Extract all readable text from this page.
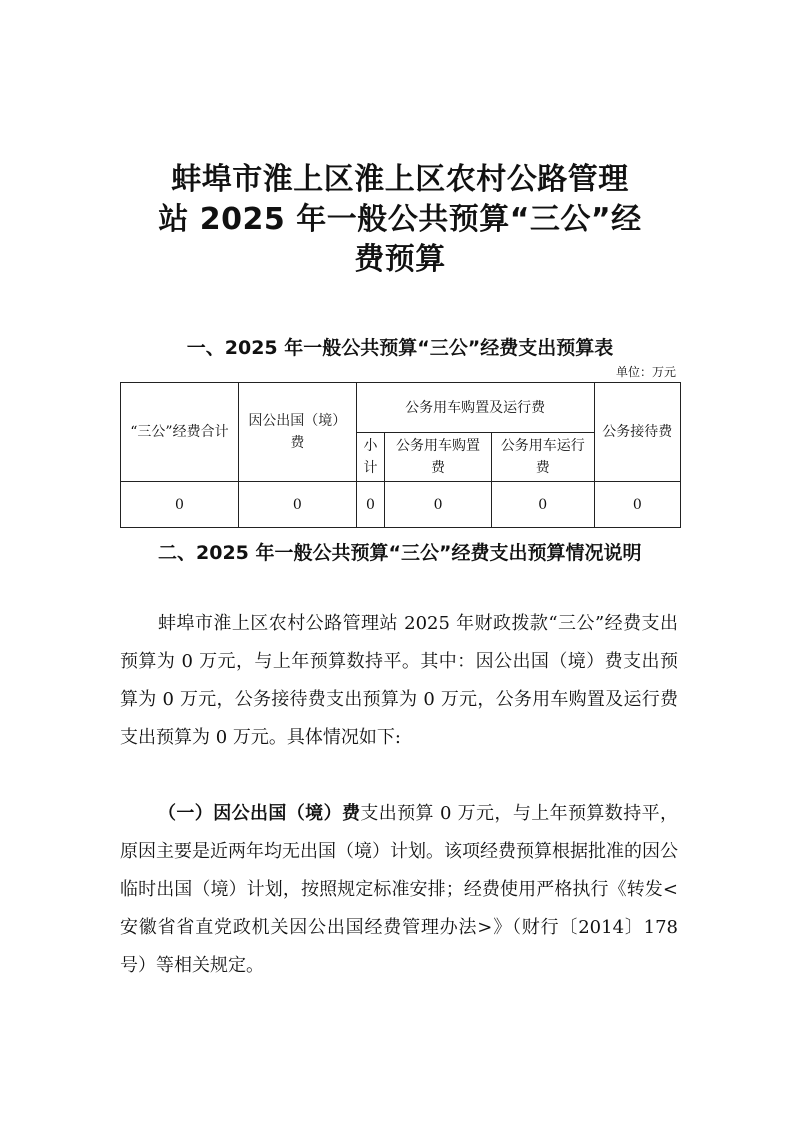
蚌埠市淮上区淮上区农村公路管理
站 2025 年一般公共预算“三公”经
费预算
一、2025 年一般公共预算“三公”经费支出预算表
单位：万元
“三公”经费合计	因公出国（境）费	公务用车购置及运行费			公务接待费
		小计	公务用车购置费	公务用车运行费	
0	0	0	0	0	0
二、2025 年一般公共预算“三公”经费支出预算情况说明
蚌埠市淮上区农村公路管理站 2025 年财政拨款“三公”经费支出预算为 0 万元，与上年预算数持平。其中：因公出国（境）费支出预算为 0 万元，公务接待费支出预算为 0 万元，公务用车购置及运行费支出预算为 0 万元。具体情况如下:
（一）因公出国（境）费支出预算 0 万元，与上年预算数持平，原因主要是近两年均无出国（境）计划。该项经费预算根据批准的因公临时出国（境）计划，按照规定标准安排；经费使用严格执行《转发<安徽省省直党政机关因公出国经费管理办法>》（财行〔2014〕178 号）等相关规定。
